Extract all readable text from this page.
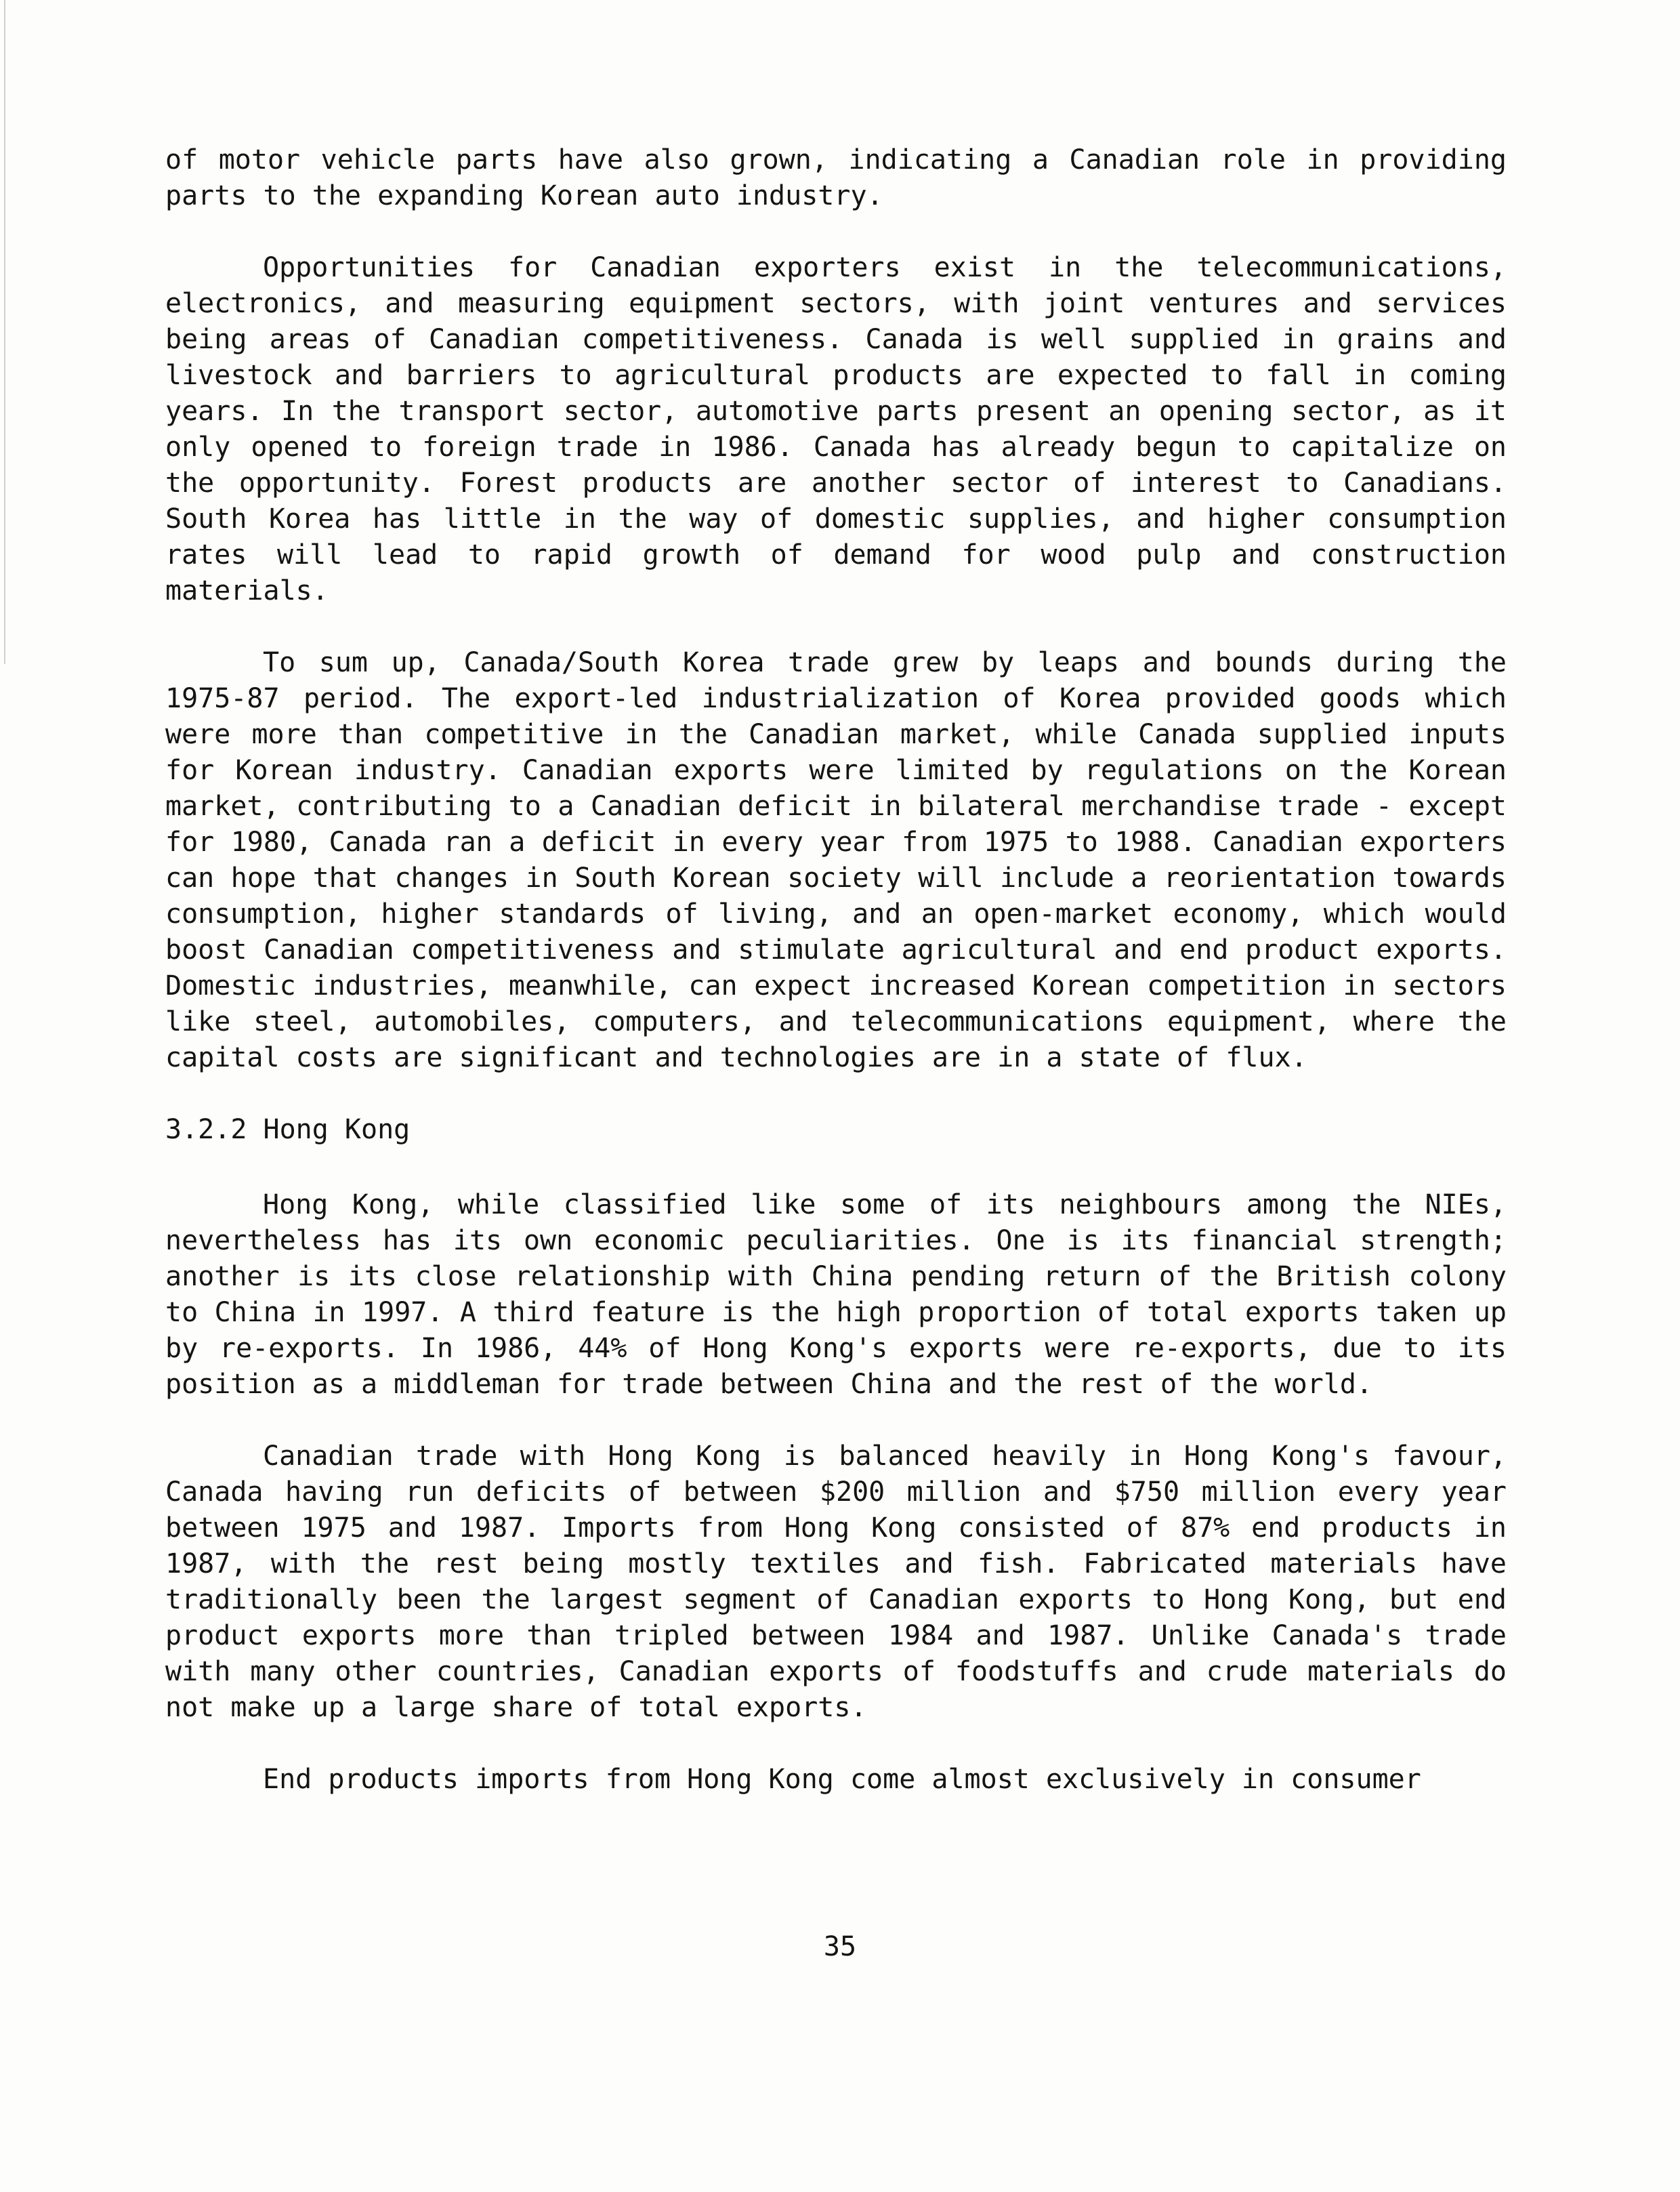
of motor vehicle parts have also grown, indicating a Canadian role in providing parts to the expanding Korean auto industry.

Opportunities for Canadian exporters exist in the telecommunications, electronics, and measuring equipment sectors, with joint ventures and services being areas of Canadian competitiveness. Canada is well supplied in grains and livestock and barriers to agricultural products are expected to fall in coming years. In the transport sector, automotive parts present an opening sector, as it only opened to foreign trade in 1986. Canada has already begun to capitalize on the opportunity. Forest products are another sector of interest to Canadians. South Korea has little in the way of domestic supplies, and higher consumption rates will lead to rapid growth of demand for wood pulp and construction materials.

To sum up, Canada/South Korea trade grew by leaps and bounds during the 1975-87 period. The export-led industrialization of Korea provided goods which were more than competitive in the Canadian market, while Canada supplied inputs for Korean industry. Canadian exports were limited by regulations on the Korean market, contributing to a Canadian deficit in bilateral merchandise trade - except for 1980, Canada ran a deficit in every year from 1975 to 1988. Canadian exporters can hope that changes in South Korean society will include a reorientation towards consumption, higher standards of living, and an open-market economy, which would boost Canadian competitiveness and stimulate agricultural and end product exports. Domestic industries, meanwhile, can expect increased Korean competition in sectors like steel, automobiles, computers, and telecommunications equipment, where the capital costs are significant and technologies are in a state of flux.

3.2.2 Hong Kong

Hong Kong, while classified like some of its neighbours among the NIEs, nevertheless has its own economic peculiarities. One is its financial strength; another is its close relationship with China pending return of the British colony to China in 1997. A third feature is the high proportion of total exports taken up by re-exports. In 1986, 44% of Hong Kong's exports were re-exports, due to its position as a middleman for trade between China and the rest of the world.

Canadian trade with Hong Kong is balanced heavily in Hong Kong's favour, Canada having run deficits of between $200 million and $750 million every year between 1975 and 1987. Imports from Hong Kong consisted of 87% end products in 1987, with the rest being mostly textiles and fish. Fabricated materials have traditionally been the largest segment of Canadian exports to Hong Kong, but end product exports more than tripled between 1984 and 1987. Unlike Canada's trade with many other countries, Canadian exports of foodstuffs and crude materials do not make up a large share of total exports.

End products imports from Hong Kong come almost exclusively in consumer

35
